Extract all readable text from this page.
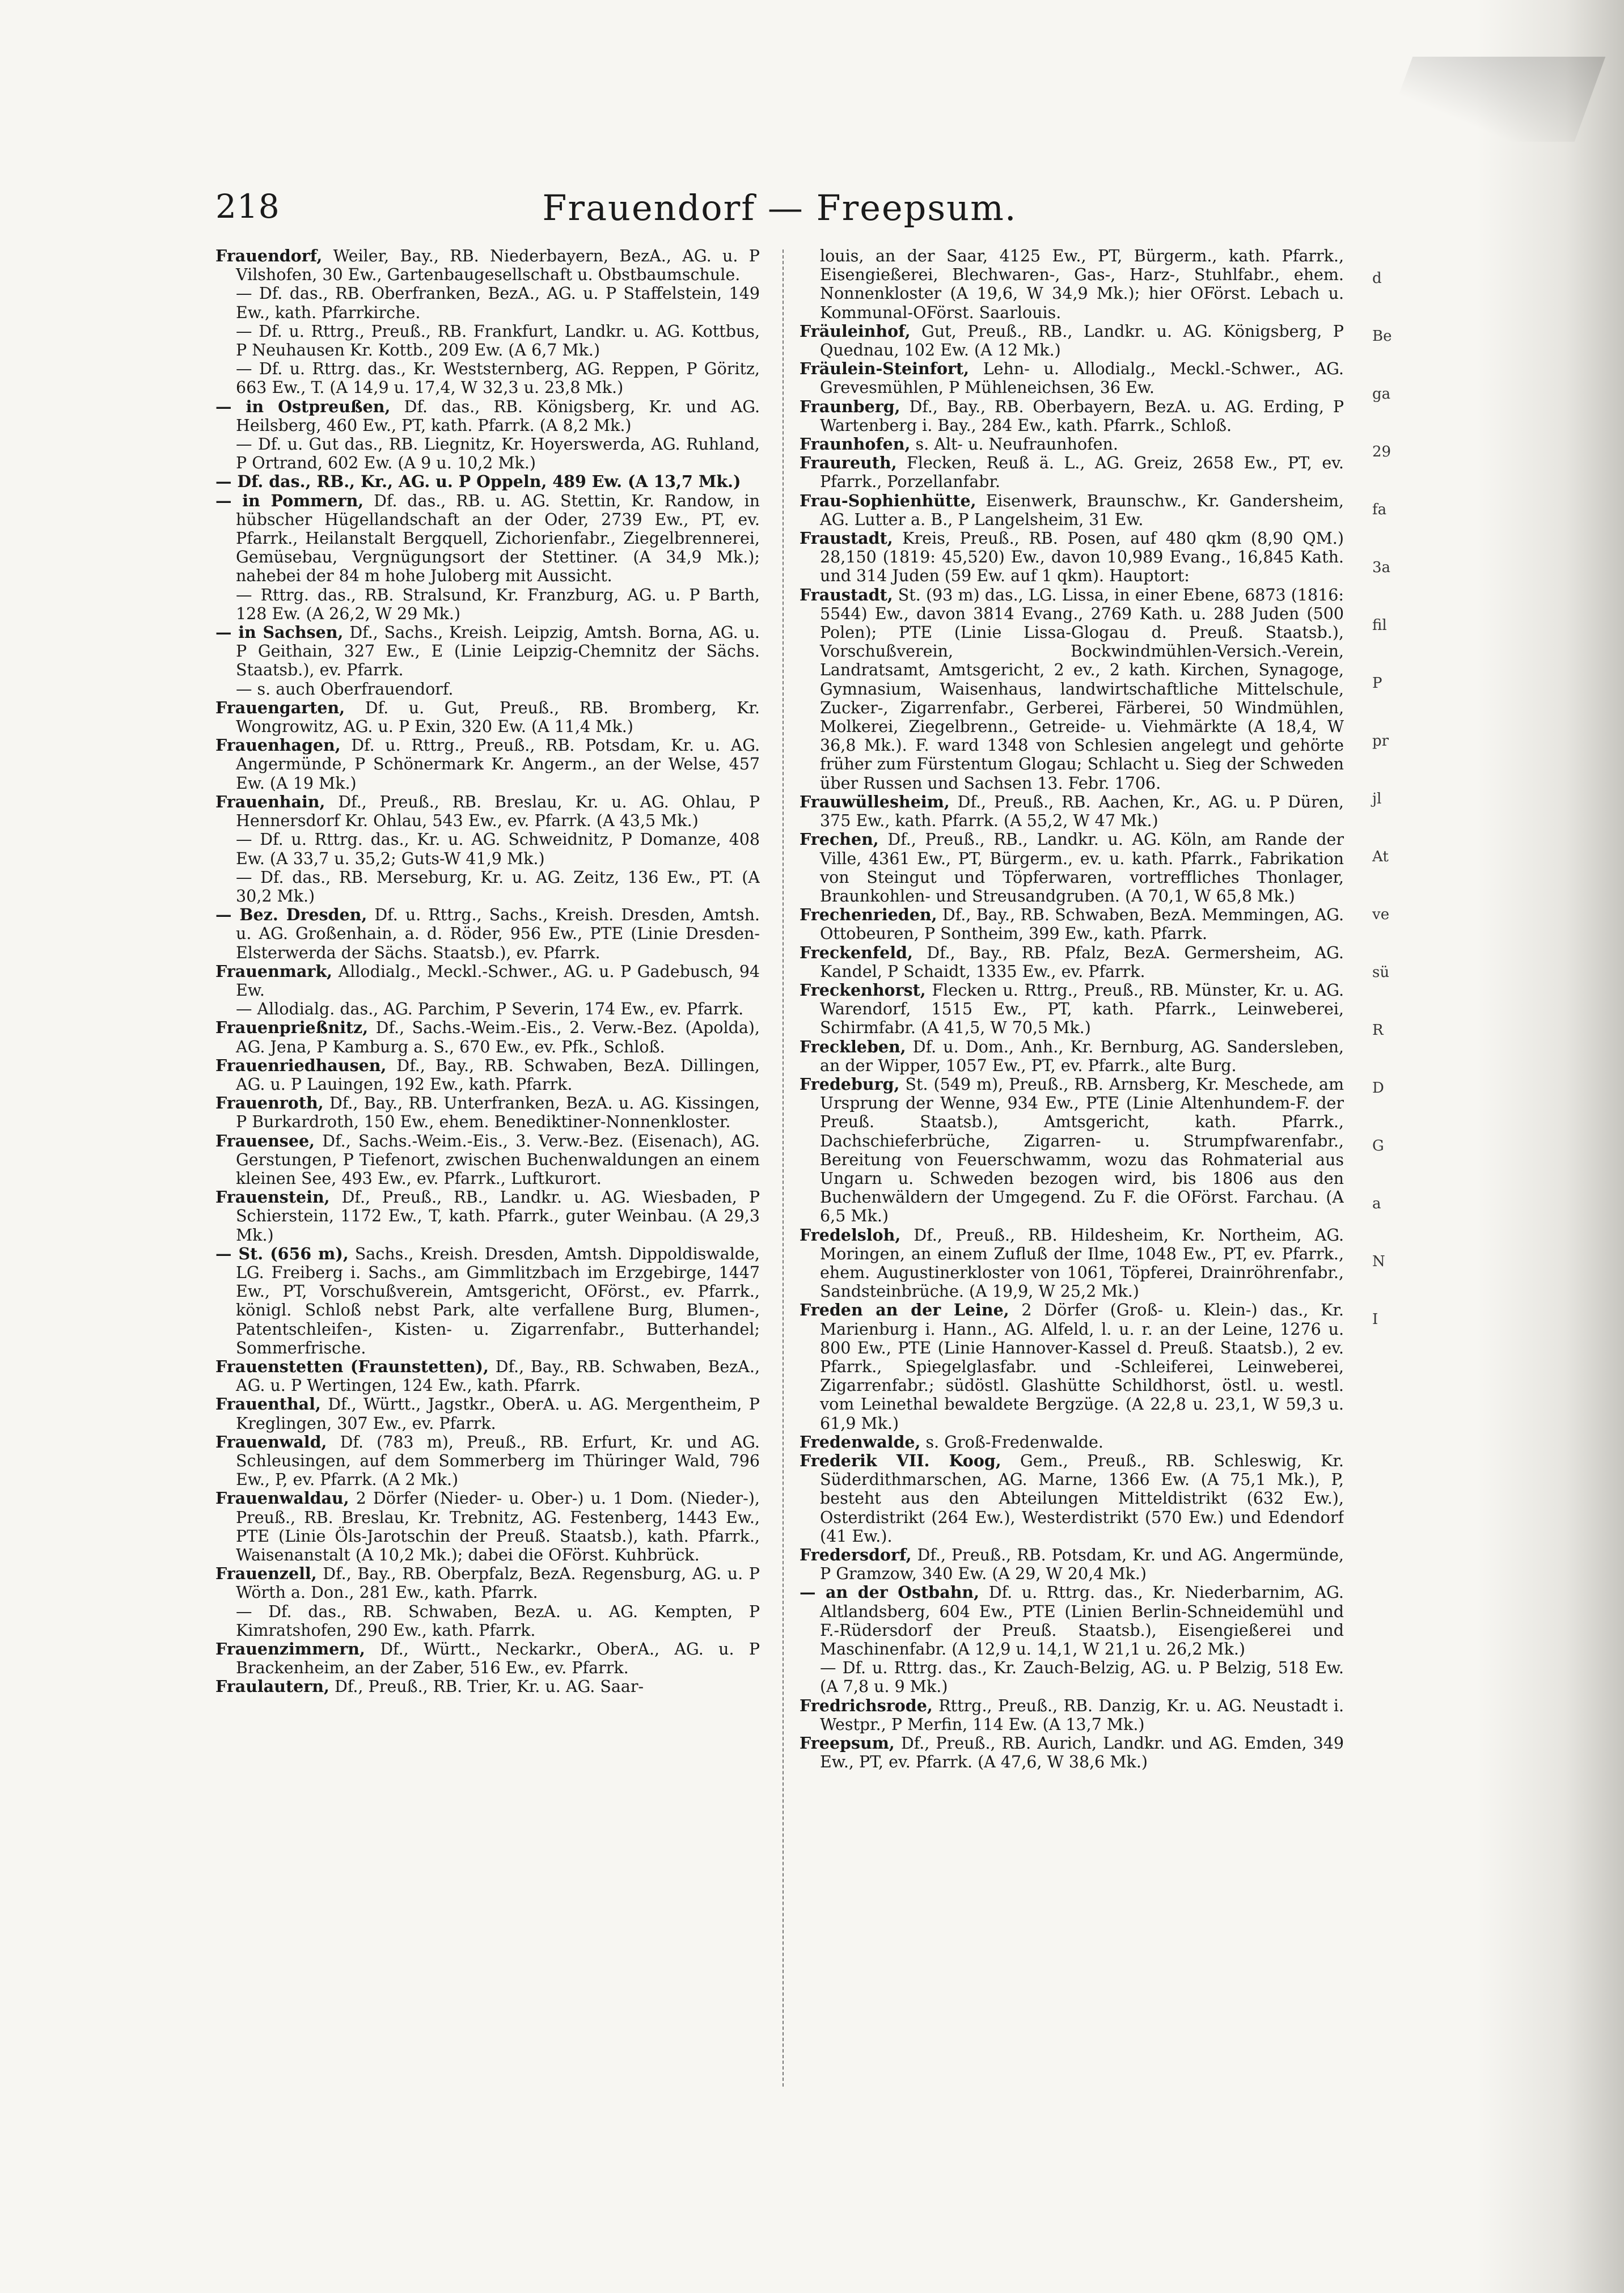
218	Frauendorf — Freepsum.

Frauendorf, Weiler, Bay., RB. Niederbayern, BezA., AG. u. P Vilshofen, 30 Ew., Gartenbaugesellschaft u. Obstbaumschule.

— Df. das., RB. Oberfranken, BezA., AG. u. P Staffelstein, 149 Ew., kath. Pfarrkirche.

— Df. u. Rttrg., Preuß., RB. Frankfurt, Landkr. u. AG. Kottbus, P Neuhausen Kr. Kottb., 209 Ew. (A 6,7 Mk.)

— Df. u. Rttrg. das., Kr. Weststernberg, AG. Reppen, P Göritz, 663 Ew., T. (A 14,9 u. 17,4, W 32,3 u. 23,8 Mk.)

— in Ostpreußen, Df. das., RB. Königsberg, Kr. und AG. Heilsberg, 460 Ew., PT, kath. Pfarrk. (A 8,2 Mk.)

— Df. u. Gut das., RB. Liegnitz, Kr. Hoyerswerda, AG. Ruhland, P Ortrand, 602 Ew. (A 9 u. 10,2 Mk.)

— Df. das., RB., Kr., AG. u. P Oppeln, 489 Ew. (A 13,7 Mk.)

— in Pommern, Df. das., RB. u. AG. Stettin, Kr. Randow, in hübscher Hügellandschaft an der Oder, 2739 Ew., PT, ev. Pfarrk., Heilanstalt Bergquell, Zichorienfabr., Ziegelbrennerei, Gemüsebau, Vergnügungsort der Stettiner. (A 34,9 Mk.); nahebei der 84 m hohe Juloberg mit Aussicht.

— Rttrg. das., RB. Stralsund, Kr. Franzburg, AG. u. P Barth, 128 Ew. (A 26,2, W 29 Mk.)

— in Sachsen, Df., Sachs., Kreish. Leipzig, Amtsh. Borna, AG. u. P Geithain, 327 Ew., E (Linie Leipzig-Chemnitz der Sächs. Staatsb.), ev. Pfarrk.

— s. auch Oberfrauendorf.

Frauengarten, Df. u. Gut, Preuß., RB. Bromberg, Kr. Wongrowitz, AG. u. P Exin, 320 Ew. (A 11,4 Mk.)

Frauenhagen, Df. u. Rttrg., Preuß., RB. Potsdam, Kr. u. AG. Angermünde, P Schönermark Kr. Angerm., an der Welse, 457 Ew. (A 19 Mk.)

Frauenhain, Df., Preuß., RB. Breslau, Kr. u. AG. Ohlau, P Hennersdorf Kr. Ohlau, 543 Ew., ev. Pfarrk. (A 43,5 Mk.)

— Df. u. Rttrg. das., Kr. u. AG. Schweidnitz, P Domanze, 408 Ew. (A 33,7 u. 35,2; Guts-W 41,9 Mk.)

— Df. das., RB. Merseburg, Kr. u. AG. Zeitz, 136 Ew., PT. (A 30,2 Mk.)

— Bez. Dresden, Df. u. Rttrg., Sachs., Kreish. Dresden, Amtsh. u. AG. Großenhain, a. d. Röder, 956 Ew., PTE (Linie Dresden-Elsterwerda der Sächs. Staatsb.), ev. Pfarrk.

Frauenmark, Allodialg., Meckl.-Schwer., AG. u. P Gadebusch, 94 Ew.

— Allodialg. das., AG. Parchim, P Severin, 174 Ew., ev. Pfarrk.

Frauenprießnitz, Df., Sachs.-Weim.-Eis., 2. Verw.-Bez. (Apolda), AG. Jena, P Kamburg a. S., 670 Ew., ev. Pfk., Schloß.

Frauenriedhausen, Df., Bay., RB. Schwaben, BezA. Dillingen, AG. u. P Lauingen, 192 Ew., kath. Pfarrk.

Frauenroth, Df., Bay., RB. Unterfranken, BezA. u. AG. Kissingen, P Burkardroth, 150 Ew., ehem. Benediktiner-Nonnenkloster.

Frauensee, Df., Sachs.-Weim.-Eis., 3. Verw.-Bez. (Eisenach), AG. Gerstungen, P Tiefenort, zwischen Buchenwaldungen an einem kleinen See, 493 Ew., ev. Pfarrk., Luftkurort.

Frauenstein, Df., Preuß., RB., Landkr. u. AG. Wiesbaden, P Schierstein, 1172 Ew., T, kath. Pfarrk., guter Weinbau. (A 29,3 Mk.)

— St. (656 m), Sachs., Kreish. Dresden, Amtsh. Dippoldiswalde, LG. Freiberg i. Sachs., am Gimmlitzbach im Erzgebirge, 1447 Ew., PT, Vorschußverein, Amtsgericht, OFörst., ev. Pfarrk., königl. Schloß nebst Park, alte verfallene Burg, Blumen-, Patentschleifen-, Kisten- u. Zigarrenfabr., Butterhandel; Sommerfrische.

Frauenstetten (Fraunstetten), Df., Bay., RB. Schwaben, BezA., AG. u. P Wertingen, 124 Ew., kath. Pfarrk.

Frauenthal, Df., Württ., Jagstkr., OberA. u. AG. Mergentheim, P Kreglingen, 307 Ew., ev. Pfarrk.

Frauenwald, Df. (783 m), Preuß., RB. Erfurt, Kr. und AG. Schleusingen, auf dem Sommerberg im Thüringer Wald, 796 Ew., P, ev. Pfarrk. (A 2 Mk.)

Frauenwaldau, 2 Dörfer (Nieder- u. Ober-) u. 1 Dom. (Nieder-), Preuß., RB. Breslau, Kr. Trebnitz, AG. Festenberg, 1443 Ew., PTE (Linie Öls-Jarotschin der Preuß. Staatsb.), kath. Pfarrk., Waisenanstalt (A 10,2 Mk.); dabei die OFörst. Kuhbrück.

Frauenzell, Df., Bay., RB. Oberpfalz, BezA. Regensburg, AG. u. P Wörth a. Don., 281 Ew., kath. Pfarrk.

— Df. das., RB. Schwaben, BezA. u. AG. Kempten, P Kimratshofen, 290 Ew., kath. Pfarrk.

Frauenzimmern, Df., Württ., Neckarkr., OberA., AG. u. P Brackenheim, an der Zaber, 516 Ew., ev. Pfarrk.

Fraulautern, Df., Preuß., RB. Trier, Kr. u. AG. Saar-

louis, an der Saar, 4125 Ew., PT, Bürgerm., kath. Pfarrk., Eisengießerei, Blechwaren-, Gas-, Harz-, Stuhlfabr., ehem. Nonnenkloster (A 19,6, W 34,9 Mk.); hier OFörst. Lebach u. Kommunal-OFörst. Saarlouis.

Fräuleinhof, Gut, Preuß., RB., Landkr. u. AG. Königsberg, P Quednau, 102 Ew. (A 12 Mk.)

Fräulein-Steinfort, Lehn- u. Allodialg., Meckl.-Schwer., AG. Grevesmühlen, P Mühleneichsen, 36 Ew.

Fraunberg, Df., Bay., RB. Oberbayern, BezA. u. AG. Erding, P Wartenberg i. Bay., 284 Ew., kath. Pfarrk., Schloß.

Fraunhofen, s. Alt- u. Neufraunhofen.

Fraureuth, Flecken, Reuß ä. L., AG. Greiz, 2658 Ew., PT, ev. Pfarrk., Porzellanfabr.

Frau-Sophienhütte, Eisenwerk, Braunschw., Kr. Gandersheim, AG. Lutter a. B., P Langelsheim, 31 Ew.

Fraustadt, Kreis, Preuß., RB. Posen, auf 480 qkm (8,90 QM.) 28,150 (1819: 45,520) Ew., davon 10,989 Evang., 16,845 Kath. und 314 Juden (59 Ew. auf 1 qkm). Hauptort:

Fraustadt, St. (93 m) das., LG. Lissa, in einer Ebene, 6873 (1816: 5544) Ew., davon 3814 Evang., 2769 Kath. u. 288 Juden (500 Polen); PTE (Linie Lissa-Glogau d. Preuß. Staatsb.), Vorschußverein, Bockwindmühlen-Versich.-Verein, Landratsamt, Amtsgericht, 2 ev., 2 kath. Kirchen, Synagoge, Gymnasium, Waisenhaus, landwirtschaftliche Mittelschule, Zucker-, Zigarrenfabr., Gerberei, Färberei, 50 Windmühlen, Molkerei, Ziegelbrenn., Getreide- u. Viehmärkte (A 18,4, W 36,8 Mk.). F. ward 1348 von Schlesien angelegt und gehörte früher zum Fürstentum Glogau; Schlacht u. Sieg der Schweden über Russen und Sachsen 13. Febr. 1706.

Frauwüllesheim, Df., Preuß., RB. Aachen, Kr., AG. u. P Düren, 375 Ew., kath. Pfarrk. (A 55,2, W 47 Mk.)

Frechen, Df., Preuß., RB., Landkr. u. AG. Köln, am Rande der Ville, 4361 Ew., PT, Bürgerm., ev. u. kath. Pfarrk., Fabrikation von Steingut und Töpferwaren, vortreffliches Thonlager, Braunkohlen- und Streusandgruben. (A 70,1, W 65,8 Mk.)

Frechenrieden, Df., Bay., RB. Schwaben, BezA. Memmingen, AG. Ottobeuren, P Sontheim, 399 Ew., kath. Pfarrk.

Freckenfeld, Df., Bay., RB. Pfalz, BezA. Germersheim, AG. Kandel, P Schaidt, 1335 Ew., ev. Pfarrk.

Freckenhorst, Flecken u. Rttrg., Preuß., RB. Münster, Kr. u. AG. Warendorf, 1515 Ew., PT, kath. Pfarrk., Leinweberei, Schirmfabr. (A 41,5, W 70,5 Mk.)

Freckleben, Df. u. Dom., Anh., Kr. Bernburg, AG. Sandersleben, an der Wipper, 1057 Ew., PT, ev. Pfarrk., alte Burg.

Fredeburg, St. (549 m), Preuß., RB. Arnsberg, Kr. Meschede, am Ursprung der Wenne, 934 Ew., PTE (Linie Altenhundem-F. der Preuß. Staatsb.), Amtsgericht, kath. Pfarrk., Dachschieferbrüche, Zigarren- u. Strumpfwarenfabr., Bereitung von Feuerschwamm, wozu das Rohmaterial aus Ungarn u. Schweden bezogen wird, bis 1806 aus den Buchenwäldern der Umgegend. Zu F. die OFörst. Farchau. (A 6,5 Mk.)

Fredelsloh, Df., Preuß., RB. Hildesheim, Kr. Northeim, AG. Moringen, an einem Zufluß der Ilme, 1048 Ew., PT, ev. Pfarrk., ehem. Augustinerkloster von 1061, Töpferei, Drainröhrenfabr., Sandsteinbrüche. (A 19,9, W 25,2 Mk.)

Freden an der Leine, 2 Dörfer (Groß- u. Klein-) das., Kr. Marienburg i. Hann., AG. Alfeld, l. u. r. an der Leine, 1276 u. 800 Ew., PTE (Linie Hannover-Kassel d. Preuß. Staatsb.), 2 ev. Pfarrk., Spiegelglasfabr. und -Schleiferei, Leinweberei, Zigarrenfabr.; südöstl. Glashütte Schildhorst, östl. u. westl. vom Leinethal bewaldete Bergzüge. (A 22,8 u. 23,1, W 59,3 u. 61,9 Mk.)

Fredenwalde, s. Groß-Fredenwalde.

Frederik VII. Koog, Gem., Preuß., RB. Schleswig, Kr. Süderdithmarschen, AG. Marne, 1366 Ew. (A 75,1 Mk.), P, besteht aus den Abteilungen Mitteldistrikt (632 Ew.), Osterdistrikt (264 Ew.), Westerdistrikt (570 Ew.) und Edendorf (41 Ew.).

Fredersdorf, Df., Preuß., RB. Potsdam, Kr. und AG. Angermünde, P Gramzow, 340 Ew. (A 29, W 20,4 Mk.)

— an der Ostbahn, Df. u. Rttrg. das., Kr. Niederbarnim, AG. Altlandsberg, 604 Ew., PTE (Linien Berlin-Schneidemühl und F.-Rüdersdorf der Preuß. Staatsb.), Eisengießerei und Maschinenfabr. (A 12,9 u. 14,1, W 21,1 u. 26,2 Mk.)

— Df. u. Rttrg. das., Kr. Zauch-Belzig, AG. u. P Belzig, 518 Ew. (A 7,8 u. 9 Mk.)

Fredrichsrode, Rttrg., Preuß., RB. Danzig, Kr. u. AG. Neustadt i. Westpr., P Merfin, 114 Ew. (A 13,7 Mk.)

Freepsum, Df., Preuß., RB. Aurich, Landkr. und AG. Emden, 349 Ew., PT, ev. Pfarrk. (A 47,6, W 38,6 Mk.)

d
Be
ga
29
fa
3a
fil
P
pr
jl
At
ve
sü
R
D
G
a
N
I
